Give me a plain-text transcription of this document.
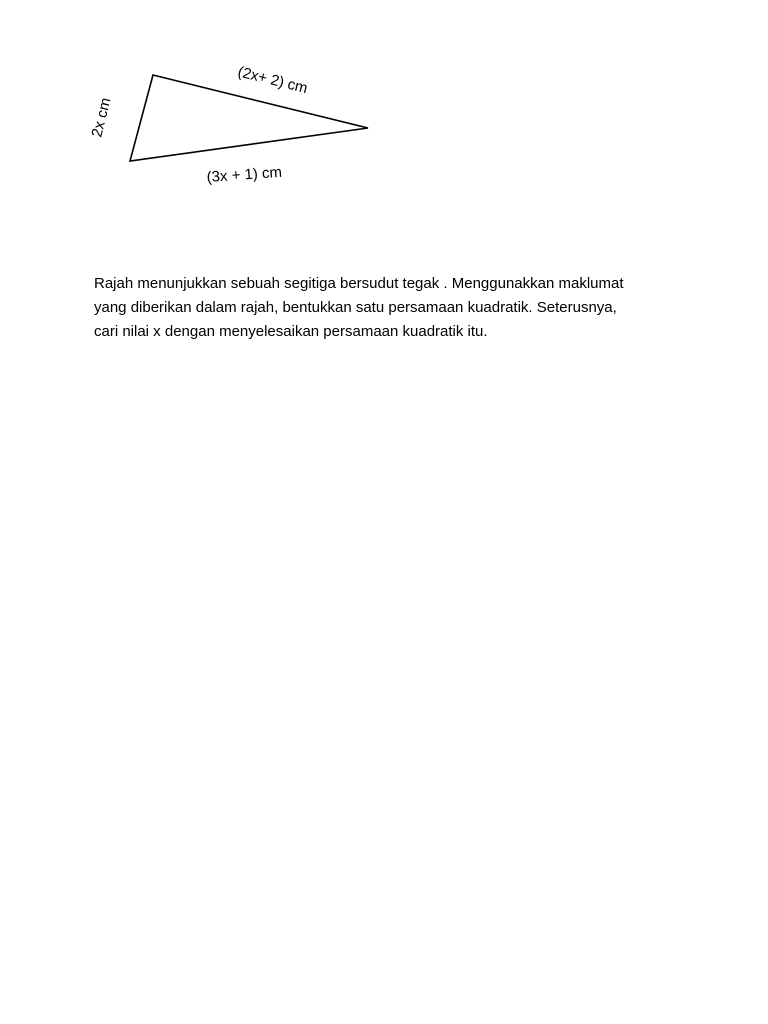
(2x+ 2) cm
2x cm
(3x + 1) cm

Rajah menunjukkan sebuah segitiga bersudut tegak . Menggunakkan maklumat
yang diberikan dalam rajah, bentukkan satu persamaan kuadratik. Seterusnya,
cari nilai x dengan menyelesaikan persamaan kuadratik itu.
